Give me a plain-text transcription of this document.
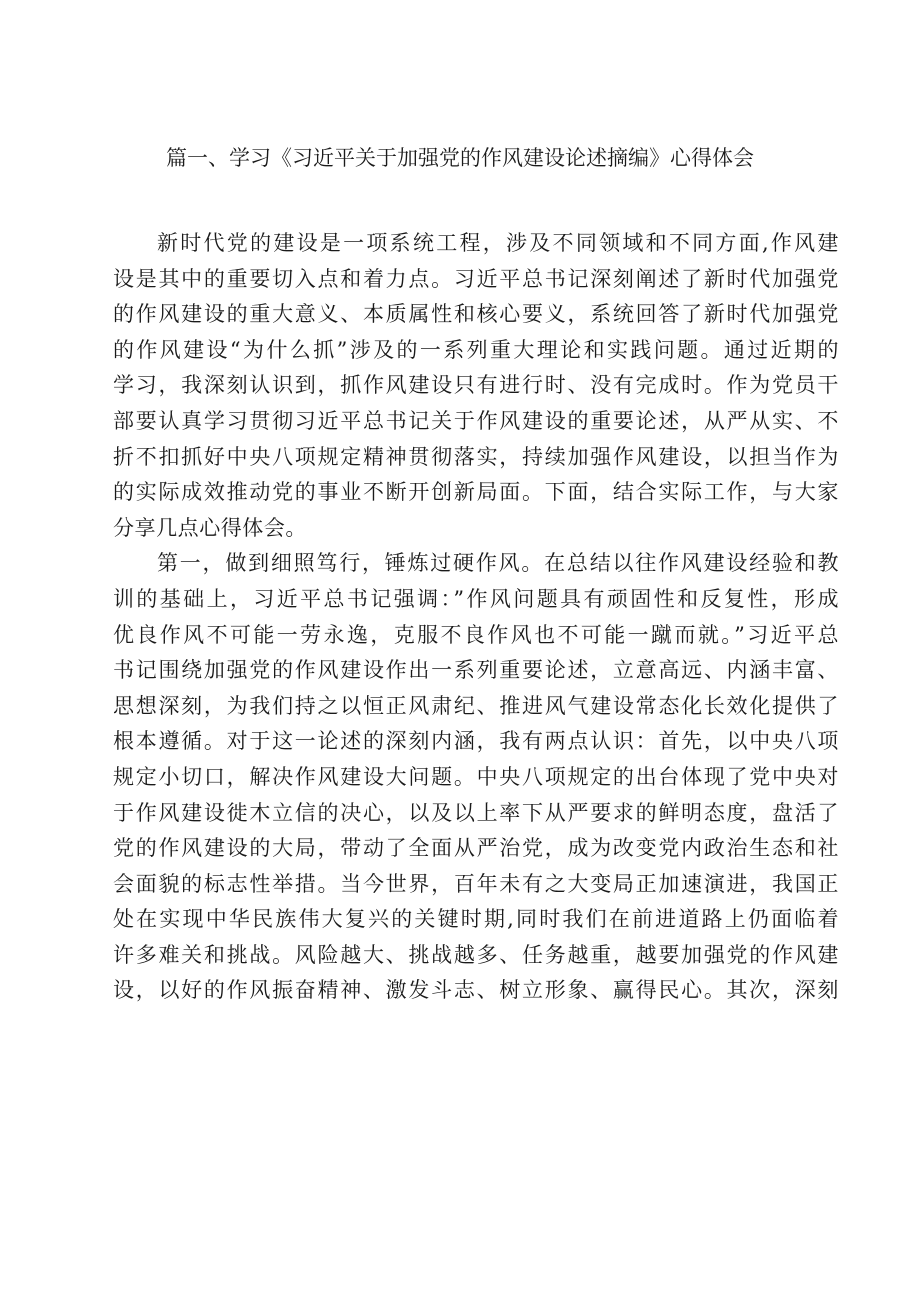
篇一、学习《习近平关于加强党的作风建设论述摘编》心得体会
新时代党的建设是一项系统工程，涉及不同领域和不同方面,作风建
设是其中的重要切入点和着力点。习近平总书记深刻阐述了新时代加强党
的作风建设的重大意义、本质属性和核心要义，系统回答了新时代加强党
的作风建设“为什么抓”涉及的一系列重大理论和实践问题。通过近期的
学习，我深刻认识到，抓作风建设只有进行时、没有完成时。作为党员干
部要认真学习贯彻习近平总书记关于作风建设的重要论述，从严从实、不
折不扣抓好中央八项规定精神贯彻落实，持续加强作风建设，以担当作为
的实际成效推动党的事业不断开创新局面。下面，结合实际工作，与大家
分享几点心得体会。
第一，做到细照笃行，锤炼过硬作风。在总结以往作风建设经验和教
训的基础上，习近平总书记强调：”作风问题具有顽固性和反复性，形成
优良作风不可能一劳永逸，克服不良作风也不可能一蹴而就。”习近平总
书记围绕加强党的作风建设作出一系列重要论述，立意高远、内涵丰富、
思想深刻，为我们持之以恒正风肃纪、推进风气建设常态化长效化提供了
根本遵循。对于这一论述的深刻内涵，我有两点认识：首先，以中央八项
规定小切口，解决作风建设大问题。中央八项规定的出台体现了党中央对
于作风建设徙木立信的决心，以及以上率下从严要求的鲜明态度，盘活了
党的作风建设的大局，带动了全面从严治党，成为改变党内政治生态和社
会面貌的标志性举措。当今世界，百年未有之大变局正加速演进，我国正
处在实现中华民族伟大复兴的关键时期,同时我们在前进道路上仍面临着
许多难关和挑战。风险越大、挑战越多、任务越重，越要加强党的作风建
设，以好的作风振奋精神、激发斗志、树立形象、赢得民心。其次，深刻
